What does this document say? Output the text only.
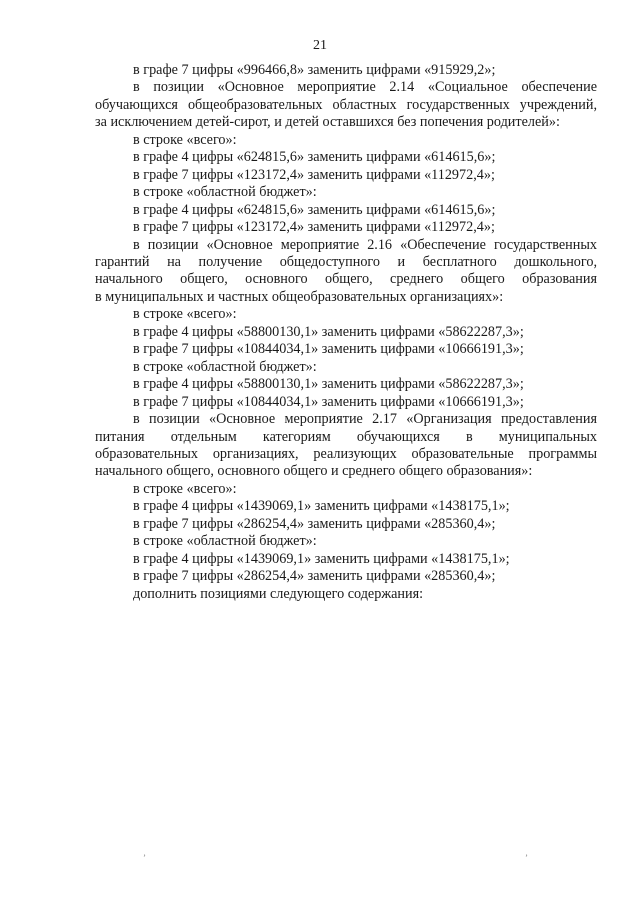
21
в графе 7 цифры «996466,8» заменить цифрами «915929,2»;
в позиции «Основное мероприятие 2.14 «Социальное обеспечение
обучающихся общеобразовательных областных государственных учреждений,
за исключением детей-сирот, и детей оставшихся без попечения родителей»:
в строке «всего»:
в графе 4 цифры «624815,6» заменить цифрами «614615,6»;
в графе 7 цифры «123172,4» заменить цифрами «112972,4»;
в строке «областной бюджет»:
в графе 4 цифры «624815,6» заменить цифрами «614615,6»;
в графе 7 цифры «123172,4» заменить цифрами «112972,4»;
в позиции «Основное мероприятие 2.16 «Обеспечение государственных
гарантий на получение общедоступного и бесплатного дошкольного,
начального общего, основного общего, среднего общего образования
в муниципальных и частных общеобразовательных организациях»:
в строке «всего»:
в графе 4 цифры «58800130,1» заменить цифрами «58622287,3»;
в графе 7 цифры «10844034,1» заменить цифрами «10666191,3»;
в строке «областной бюджет»:
в графе 4 цифры «58800130,1» заменить цифрами «58622287,3»;
в графе 7 цифры «10844034,1» заменить цифрами «10666191,3»;
в позиции «Основное мероприятие 2.17 «Организация предоставления
питания отдельным категориям обучающихся в муниципальных
образовательных организациях, реализующих образовательные программы
начального общего, основного общего и среднего общего образования»:
в строке «всего»:
в графе 4 цифры «1439069,1» заменить цифрами «1438175,1»;
в графе 7 цифры «286254,4» заменить цифрами «285360,4»;
в строке «областной бюджет»:
в графе 4 цифры «1439069,1» заменить цифрами «1438175,1»;
в графе 7 цифры «286254,4» заменить цифрами «285360,4»;
дополнить позициями следующего содержания:
’	’
